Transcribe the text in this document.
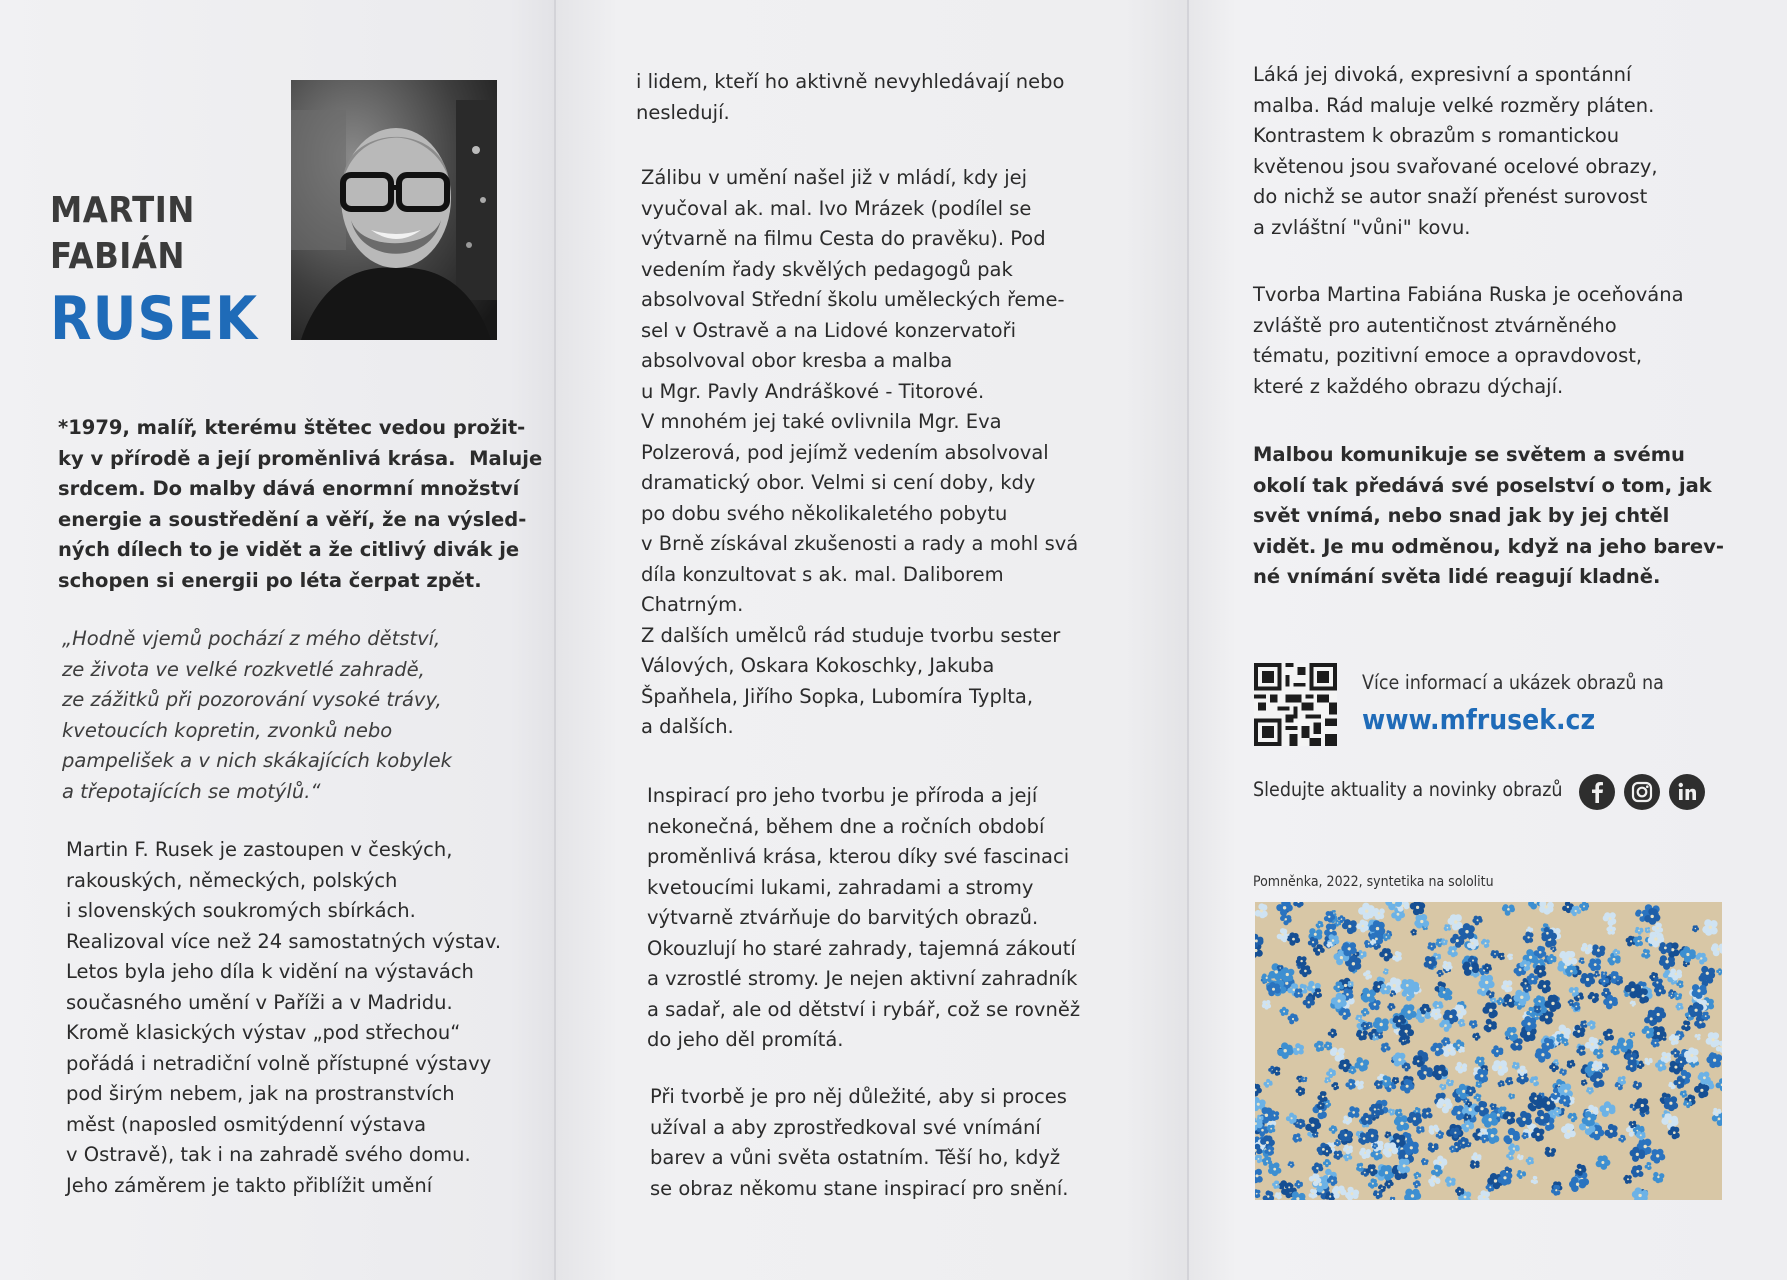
MARTIN
FABIÁN
RUSEK

*1979, malíř, kterému štětec vedou prožit-
ky v přírodě a její proměnlivá krása.  Maluje
srdcem. Do malby dává enormní množství
energie a soustředění a věří, že na výsled-
ných dílech to je vidět a že citlivý divák je
schopen si energii po léta čerpat zpět.

„Hodně vjemů pochází z mého dětství,
ze života ve velké rozkvetlé zahradě,
ze zážitků při pozorování vysoké trávy,
kvetoucích kopretin, zvonků nebo
pampelišek a v nich skákajících kobylek
a třepotajících se motýlů.“

Martin F. Rusek je zastoupen v českých,
rakouských, německých, polských
i slovenských soukromých sbírkách.
Realizoval více než 24 samostatných výstav.
Letos byla jeho díla k vidění na výstavách
současného umění v Paříži a v Madridu.
Kromě klasických výstav „pod střechou“
pořádá i netradiční volně přístupné výstavy
pod širým nebem, jak na prostranstvích
měst (naposled osmitýdenní výstava
v Ostravě), tak i na zahradě svého domu.
Jeho záměrem je takto přiblížit umění

i lidem, kteří ho aktivně nevyhledávají nebo
nesledují.

Zálibu v umění našel již v mládí, kdy jej
vyučoval ak. mal. Ivo Mrázek (podílel se
výtvarně na filmu Cesta do pravěku). Pod
vedením řady skvělých pedagogů pak
absolvoval Střední školu uměleckých řeme-
sel v Ostravě a na Lidové konzervatoři
absolvoval obor kresba a malba
u Mgr. Pavly Andráškové - Titorové.
V mnohém jej také ovlivnila Mgr. Eva
Polzerová, pod jejímž vedením absolvoval
dramatický obor. Velmi si cení doby, kdy
po dobu svého několikaletého pobytu
v Brně získával zkušenosti a rady a mohl svá
díla konzultovat s ak. mal. Daliborem
Chatrným.
Z dalších umělců rád studuje tvorbu sester
Válových, Oskara Kokoschky, Jakuba
Špaňhela, Jiřího Sopka, Lubomíra Typlta,
a dalších.

Inspirací pro jeho tvorbu je příroda a její
nekonečná, během dne a ročních období
proměnlivá krása, kterou díky své fascinaci
kvetoucími lukami, zahradami a stromy
výtvarně ztvárňuje do barvitých obrazů.
Okouzlují ho staré zahrady, tajemná zákoutí
a vzrostlé stromy. Je nejen aktivní zahradník
a sadař, ale od dětství i rybář, což se rovněž
do jeho děl promítá.

Při tvorbě je pro něj důležité, aby si proces
užíval a aby zprostředkoval své vnímání
barev a vůni světa ostatním. Těší ho, když
se obraz někomu stane inspirací pro snění.

Láká jej divoká, expresivní a spontánní
malba. Rád maluje velké rozměry pláten.
Kontrastem k obrazům s romantickou
květenou jsou svařované ocelové obrazy,
do nichž se autor snaží přenést surovost
a zvláštní "vůni" kovu.

Tvorba Martina Fabiána Ruska je oceňována
zvláště pro autentičnost ztvárněného
tématu, pozitivní emoce a opravdovost,
které z každého obrazu dýchají.

Malbou komunikuje se světem a svému
okolí tak předává své poselství o tom, jak
svět vnímá, nebo snad jak by jej chtěl
vidět. Je mu odměnou, když na jeho barev-
né vnímání světa lidé reagují kladně.

Více informací a ukázek obrazů na
www.mfrusek.cz
Sledujte aktuality a novinky obrazů
Pomněnka, 2022, syntetika na sololitu
